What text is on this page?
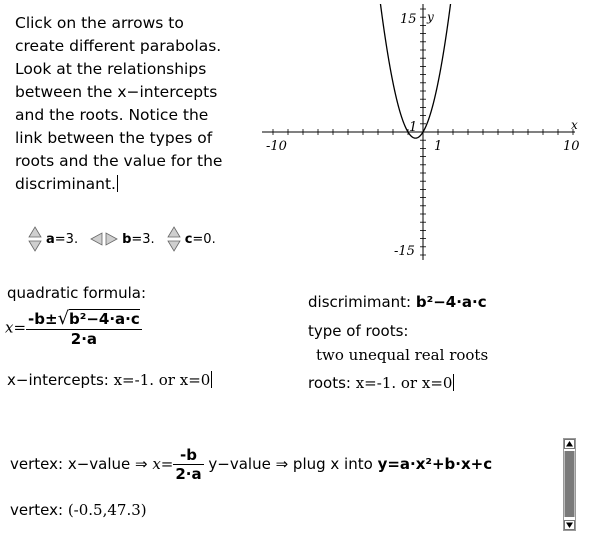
Click on the arrows to
create different parabolas.
Look at the relationships
between the x−intercepts
and the roots. Notice the
link between the types of
roots and the value for the
discriminant.
a =3.	b =3. c =0.
x
y
-10	10
1
15
-15
1
quadratic formula:
$x= \frac{\text{-b±√b²−4·a·c}}{2\cdot a}$
x−intercepts: x=-1. or x=0
discrimimant: b²−4·a·c
type of roots:
two unequal real roots
roots: x=-1. or x=0
vertex: x−value ⇒ $x= \frac{-b}{2\cdot a}$ y−value ⇒ plug x into y=a·x²+b·x+c
vertex: (-0.5,47.3)
